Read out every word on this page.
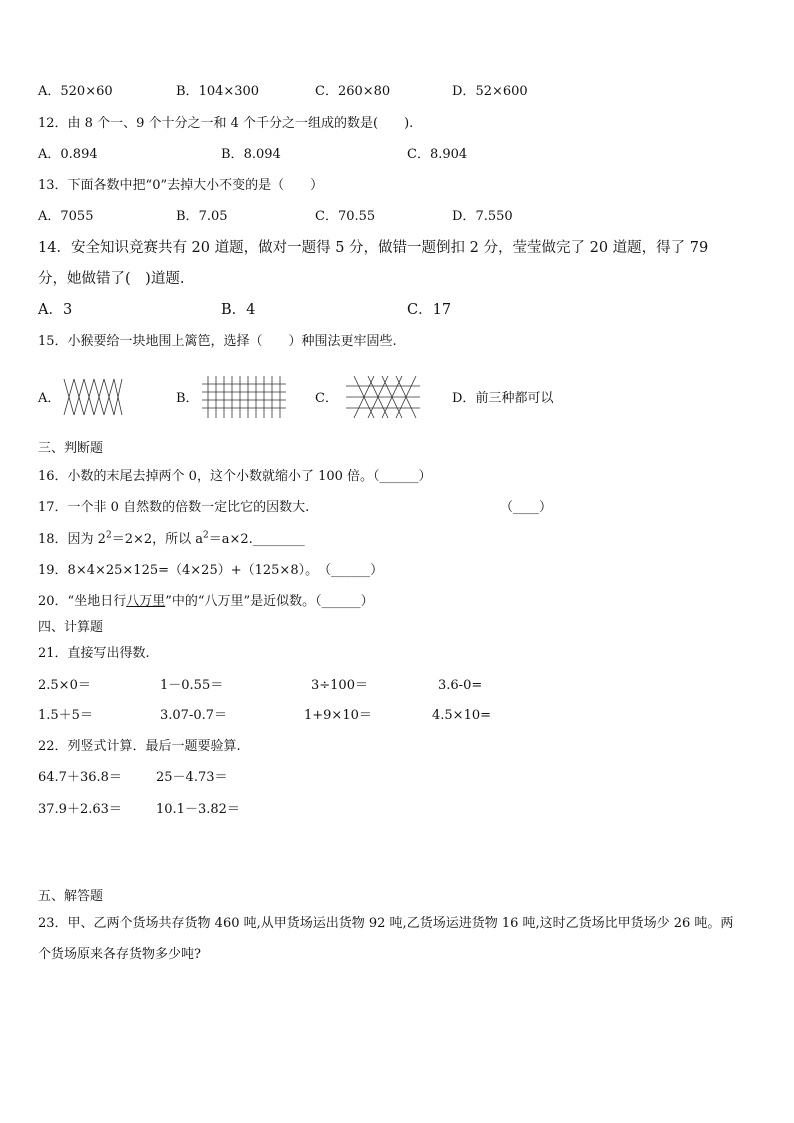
A．520×60	B．104×300	C．260×80	D．52×600
12．由 8 个一、9 个十分之一和 4 个千分之一组成的数是(　　).
A．0.894	B．8.094	C．8.904
13．下面各数中把“0”去掉大小不变的是（　　）
A．7055	B．7.05	C．70.55	D．7.550
14．安全知识竞赛共有 20 道题，做对一题得 5 分，做错一题倒扣 2 分，莹莹做完了 20 道题，得了 79
分，她做错了(　)道题.
A．3	B．4	C．17
15．小猴要给一块地围上篱笆，选择（　　）种围法更牢固些.
A．	B．	C．	D．前三种都可以
三、判断题
16．小数的末尾去掉两个 0，这个小数就缩小了 100 倍。（______）
17．一个非 0 自然数的倍数一定比它的因数大.	（____）
18．因为 $2^2=2\times 2$，所以 $a^2=a\times 2.\_\_\_\_\_\_\_\_$
19．8×4×25×125=（4×25）+（125×8）。　（______）
20．“坐地日行八万里”中的“八万里”是近似数。（______）
四、计算题
21．直接写出得数.
2.5×0＝	1－0.55＝	3÷100＝	3.6-0=
1.5＋5＝	3.07-0.7＝	1+9×10＝	4.5×10=
22．列竖式计算．最后一题要验算.
64.7＋36.8＝	25－4.73＝
37.9＋2.63＝	10.1－3.82＝
五、解答题
23．甲、乙两个货场共存货物 460 吨,从甲货场运出货物 92 吨,乙货场运进货物 16 吨,这时乙货场比甲货场少 26 吨。两
个货场原来各存货物多少吨?
